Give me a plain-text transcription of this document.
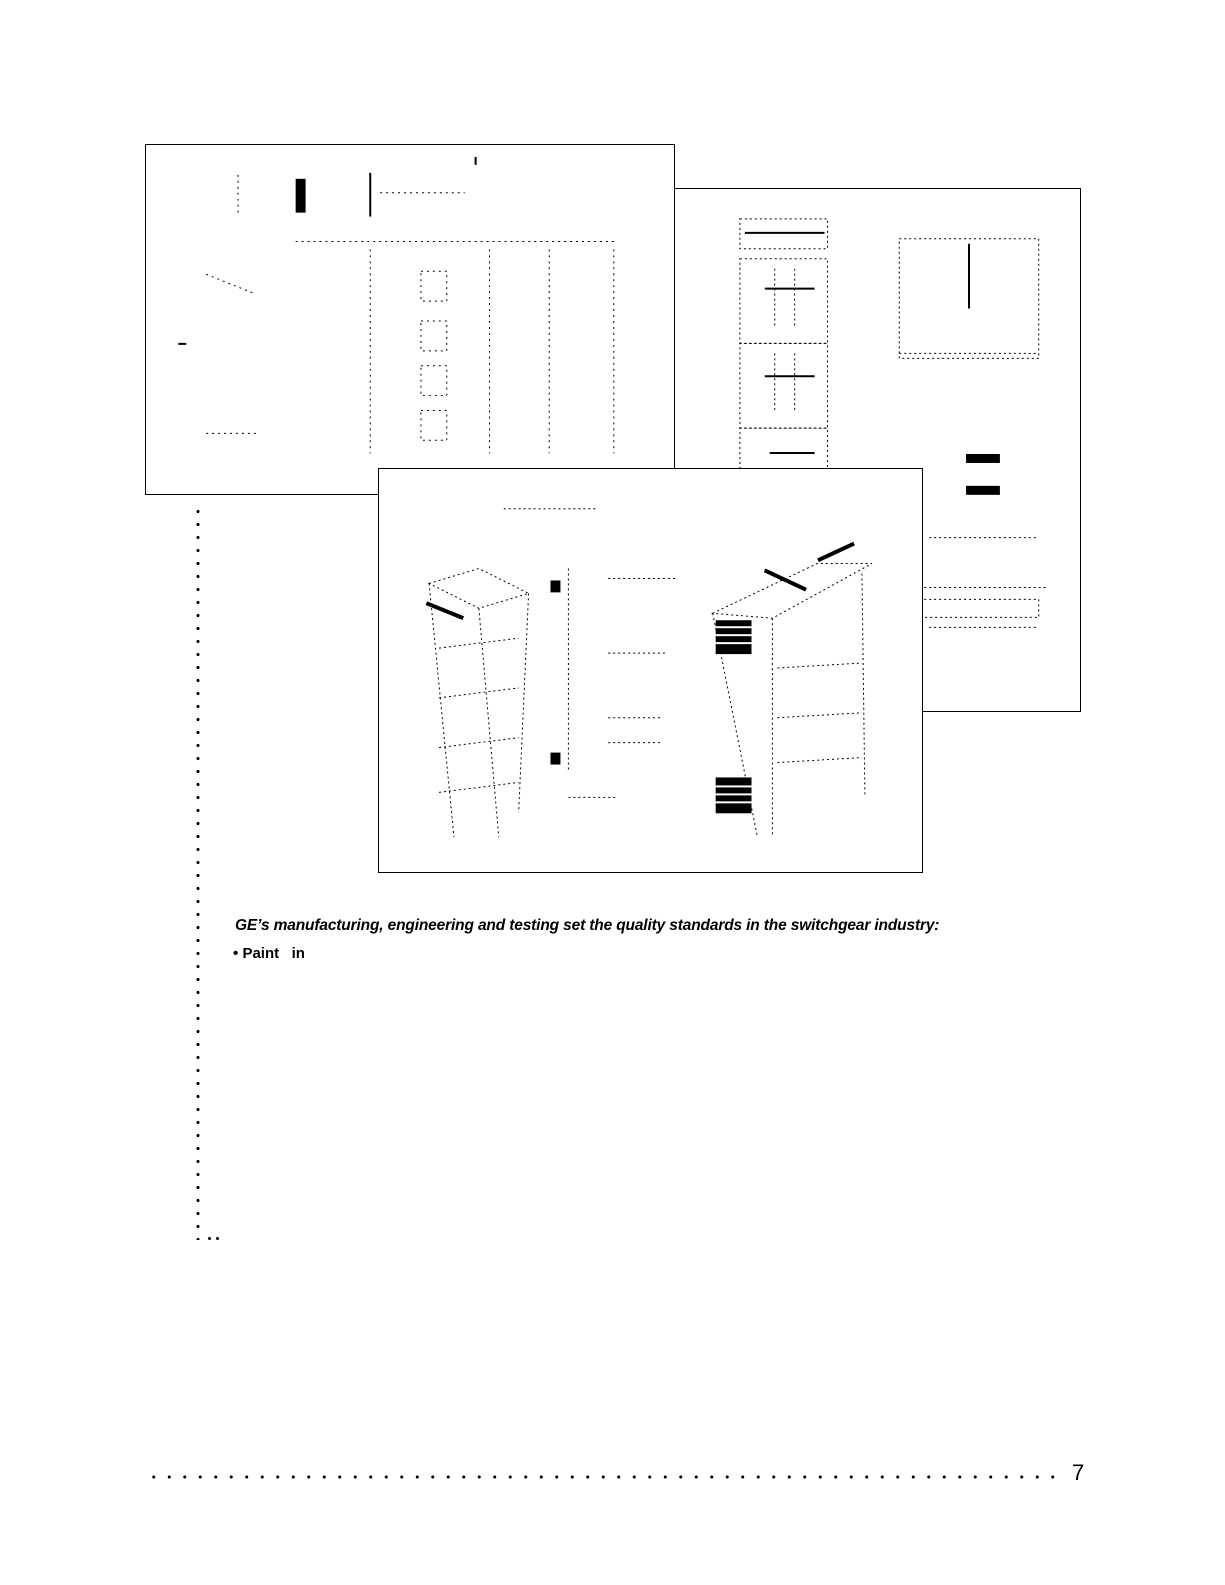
GE’s manufacturing, engineering and testing set the quality standards in the switchgear industry:
• Paint   in
7
